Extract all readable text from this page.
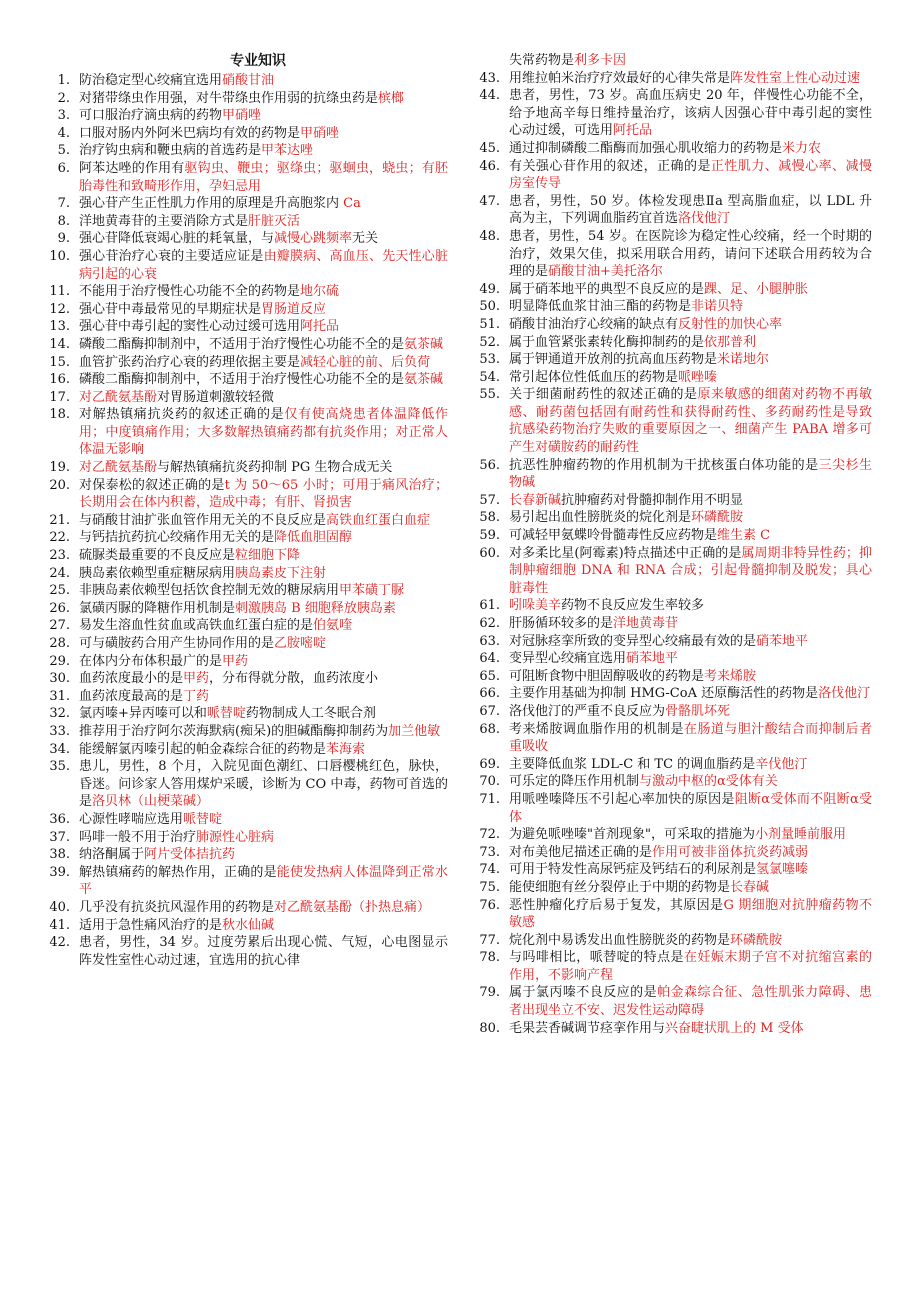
专业知识
1. 防治稳定型心绞痛宜选用硝酸甘油
2. 对猪带绦虫作用强，对牛带绦虫作用弱的抗绦虫药是槟榔
3. 可口服治疗滴虫病的药物甲硝唑
4. 口服对肠内外阿米巴病均有效的药物是甲硝唑
5. 治疗钩虫病和鞭虫病的首选药是甲苯达唑
6. 阿苯达唑的作用有驱钩虫、鞭虫；驱绦虫；驱蛔虫，蛲虫；有胚胎毒性和致畸形作用，孕妇忌用
7. 强心苷产生正性肌力作用的原理是升高胞浆内 Ca
8. 洋地黄毒苷的主要消除方式是肝脏灭活
9. 强心苷降低衰竭心脏的耗氧量，与减慢心跳频率无关
10. 强心苷治疗心衰的主要适应证是由瓣膜病、高血压、先天性心脏病引起的心衰
11. 不能用于治疗慢性心功能不全的药物是地尔硫
12. 强心苷中毒最常见的早期症状是胃肠道反应
13. 强心苷中毒引起的窦性心动过缓可选用阿托品
14. 磷酸二酯酶抑制剂中，不适用于治疗慢性心功能不全的是氨茶碱
15. 血管扩张药治疗心衰的药理依据主要是减轻心脏的前、后负荷
16. 磷酸二酯酶抑制剂中，不适用于治疗慢性心功能不全的是氨茶碱
17. 对乙酰氨基酚对胃肠道刺激较轻微
18. 对解热镇痛抗炎药的叙述正确的是仅有使高烧患者体温降低作用；中度镇痛作用；大多数解热镇痛药都有抗炎作用；对正常人体温无影响
19. 对乙酰氨基酚与解热镇痛抗炎药抑制 PG 生物合成无关
20. 对保泰松的叙述正确的是t 为 50～65 小时；可用于痛风治疗；长期用会在体内积蓄，造成中毒；有肝、肾损害
21. 与硝酸甘油扩张血管作用无关的不良反应是高铁血红蛋白血症
22. 与钙拮抗药抗心绞痛作用无关的是降低血胆固醇
23. 硫脲类最重要的不良反应是粒细胞下降
24. 胰岛素依赖型重症糖尿病用胰岛素皮下注射
25. 非胰岛素依赖型包括饮食控制无效的糖尿病用甲苯磺丁脲
26. 氯磺丙脲的降糖作用机制是刺激胰岛 B 细胞释放胰岛素
27. 易发生溶血性贫血或高铁血红蛋白症的是伯氨喹
28. 可与磺胺药合用产生协同作用的是乙胺嘧啶
29. 在体内分布体积最广的是甲药
30. 血药浓度最小的是甲药，分布得就分散，血药浓度小
31. 血药浓度最高的是丁药
32. 氯丙嗪+异丙嗪可以和哌替啶药物制成人工冬眠合剂
33. 推荐用于治疗阿尔茨海默病(痴呆)的胆碱酯酶抑制药为加兰他敏
34. 能缓解氯丙嗪引起的帕金森综合征的药物是苯海索
35. 患儿，男性，8 个月，入院见面色潮红、口唇樱桃红色，脉快，昏迷。问诊家人答用煤炉采暖，诊断为 CO 中毒，药物可首选的是洛贝林（山梗菜碱）
36. 心源性哮喘应选用哌替啶
37. 吗啡一般不用于治疗肺源性心脏病
38. 纳洛酮属于阿片受体拮抗药
39. 解热镇痛药的解热作用，正确的是能使发热病人体温降到正常水平
40. 几乎没有抗炎抗风湿作用的药物是对乙酰氨基酚（扑热息痛）
41. 适用于急性痛风治疗的是秋水仙碱
42. 患者，男性，34 岁。过度劳累后出现心慌、气短，心电图显示阵发性室性心动过速，宜选用的抗心律
失常药物是利多卡因
43. 用维拉帕米治疗疗效最好的心律失常是阵发性室上性心动过速
44. 患者，男性，73 岁。高血压病史 20 年，伴慢性心功能不全，给予地高辛每日维持量治疗，该病人因强心苷中毒引起的窦性心动过缓，可选用阿托品
45. 通过抑制磷酸二酯酶而加强心肌收缩力的药物是米力农
46. 有关强心苷作用的叙述，正确的是正性肌力、减慢心率、减慢房室传导
47. 患者，男性，50 岁。体检发现患Ⅱa 型高脂血症，以 LDL 升高为主，下列调血脂药宜首选洛伐他汀
48. 患者，男性，54 岁。在医院诊为稳定性心绞痛，经一个时期的治疗，效果欠佳，拟采用联合用药，请问下述联合用药较为合理的是硝酸甘油+美托洛尔
49. 属于硝苯地平的典型不良反应的是踝、足、小腿肿胀
50. 明显降低血浆甘油三酯的药物是非诺贝特
51. 硝酸甘油治疗心绞痛的缺点有反射性的加快心率
52. 属于血管紧张素转化酶抑制药的是依那普利
53. 属于钾通道开放剂的抗高血压药物是米诺地尔
54. 常引起体位性低血压的药物是哌唑嗪
55. 关于细菌耐药性的叙述正确的是原来敏感的细菌对药物不再敏感、耐药菌包括固有耐药性和获得耐药性、多药耐药性是导致抗感染药物治疗失败的重要原因之一、细菌产生 PABA 增多可产生对磺胺药的耐药性
56. 抗恶性肿瘤药物的作用机制为干扰核蛋白体功能的是三尖杉生物碱
57. 长春新碱抗肿瘤药对骨髓抑制作用不明显
58. 易引起出血性膀胱炎的烷化剂是环磷酰胺
59. 可减轻甲氨蝶呤骨髓毒性反应药物是维生素 C
60. 对多柔比星(阿霉素)特点描述中正确的是属周期非特异性药；抑制肿瘤细胞 DNA 和 RNA 合成；引起骨髓抑制及脱发；具心脏毒性
61. 吲哚美辛药物不良反应发生率较多
62. 肝肠循环较多的是洋地黄毒苷
63. 对冠脉痉挛所致的变异型心绞痛最有效的是硝苯地平
64. 变异型心绞痛宜选用硝苯地平
65. 可阻断食物中胆固醇吸收的药物是考来烯胺
66. 主要作用基础为抑制 HMG-CoA 还原酶活性的药物是洛伐他汀
67. 洛伐他汀的严重不良反应为骨骼肌坏死
68. 考来烯胺调血脂作用的机制是在肠道与胆汁酸结合而抑制后者重吸收
69. 主要降低血浆 LDL-C 和 TC 的调血脂药是辛伐他汀
70. 可乐定的降压作用机制与激动中枢的α受体有关
71. 用哌唑嗪降压不引起心率加快的原因是阻断α受体而不阻断α受体
72. 为避免哌唑嗪"首剂现象"，可采取的措施为小剂量睡前服用
73. 对布美他尼描述正确的是作用可被非甾体抗炎药减弱
74. 可用于特发性高尿钙症及钙结石的利尿剂是氢氯噻嗪
75. 能使细胞有丝分裂停止于中期的药物是长春碱
76. 恶性肿瘤化疗后易于复发，其原因是G 期细胞对抗肿瘤药物不敏感
77. 烷化剂中易诱发出血性膀胱炎的药物是环磷酰胺
78. 与吗啡相比，哌替啶的特点是在妊娠末期子宫不对抗缩宫素的作用，不影响产程
79. 属于氯丙嗪不良反应的是帕金森综合征、急性肌张力障碍、患者出现坐立不安、迟发性运动障碍
80. 毛果芸香碱调节痉挛作用与兴奋睫状肌上的 M 受体
